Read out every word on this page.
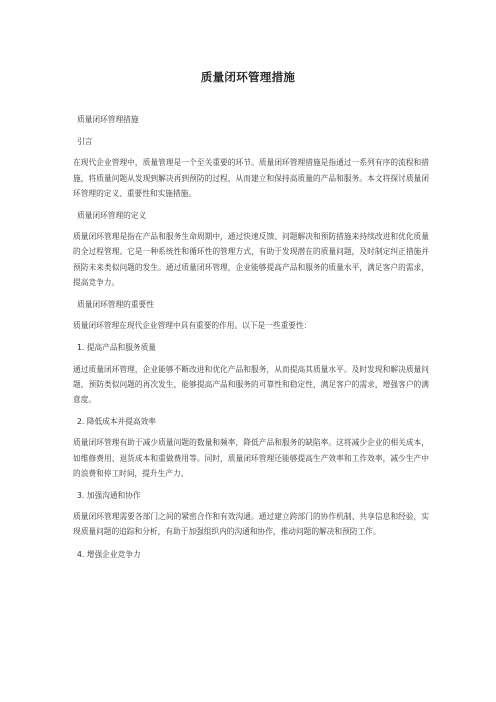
质量闭环管理措施

质量闭环管理措施

引言

在现代企业管理中，质量管理是一个至关重要的环节。质量闭环管理措施是指通过一系列有序的流程和措施，将质量问题从发现到解决再到预防的过程，从而建立和保持高质量的产品和服务。本文将探讨质量闭环管理的定义、重要性和实施措施。

质量闭环管理的定义

质量闭环管理是指在产品和服务生命周期中，通过快速反馈、问题解决和预防措施来持续改进和优化质量的全过程管理。它是一种系统性和循环性的管理方式，有助于发现潜在的质量问题，及时制定纠正措施并预防未来类似问题的发生。通过质量闭环管理，企业能够提高产品和服务的质量水平，满足客户的需求，提高竞争力。

质量闭环管理的重要性

质量闭环管理在现代企业管理中具有重要的作用。以下是一些重要性：

1. 提高产品和服务质量

通过质量闭环管理，企业能够不断改进和优化产品和服务，从而提高其质量水平。及时发现和解决质量问题，预防类似问题的再次发生，能够提高产品和服务的可靠性和稳定性，满足客户的需求，增强客户的满意度。

2. 降低成本并提高效率

质量闭环管理有助于减少质量问题的数量和频率，降低产品和服务的缺陷率。这将减少企业的相关成本，如维修费用、退货成本和重做费用等。同时，质量闭环管理还能够提高生产效率和工作效率，减少生产中的浪费和停工时间，提升生产力。

3. 加强沟通和协作

质量闭环管理需要各部门之间的紧密合作和有效沟通。通过建立跨部门的协作机制、共享信息和经验，实现质量问题的追踪和分析，有助于加强组织内的沟通和协作，推动问题的解决和预防工作。

4. 增强企业竞争力
